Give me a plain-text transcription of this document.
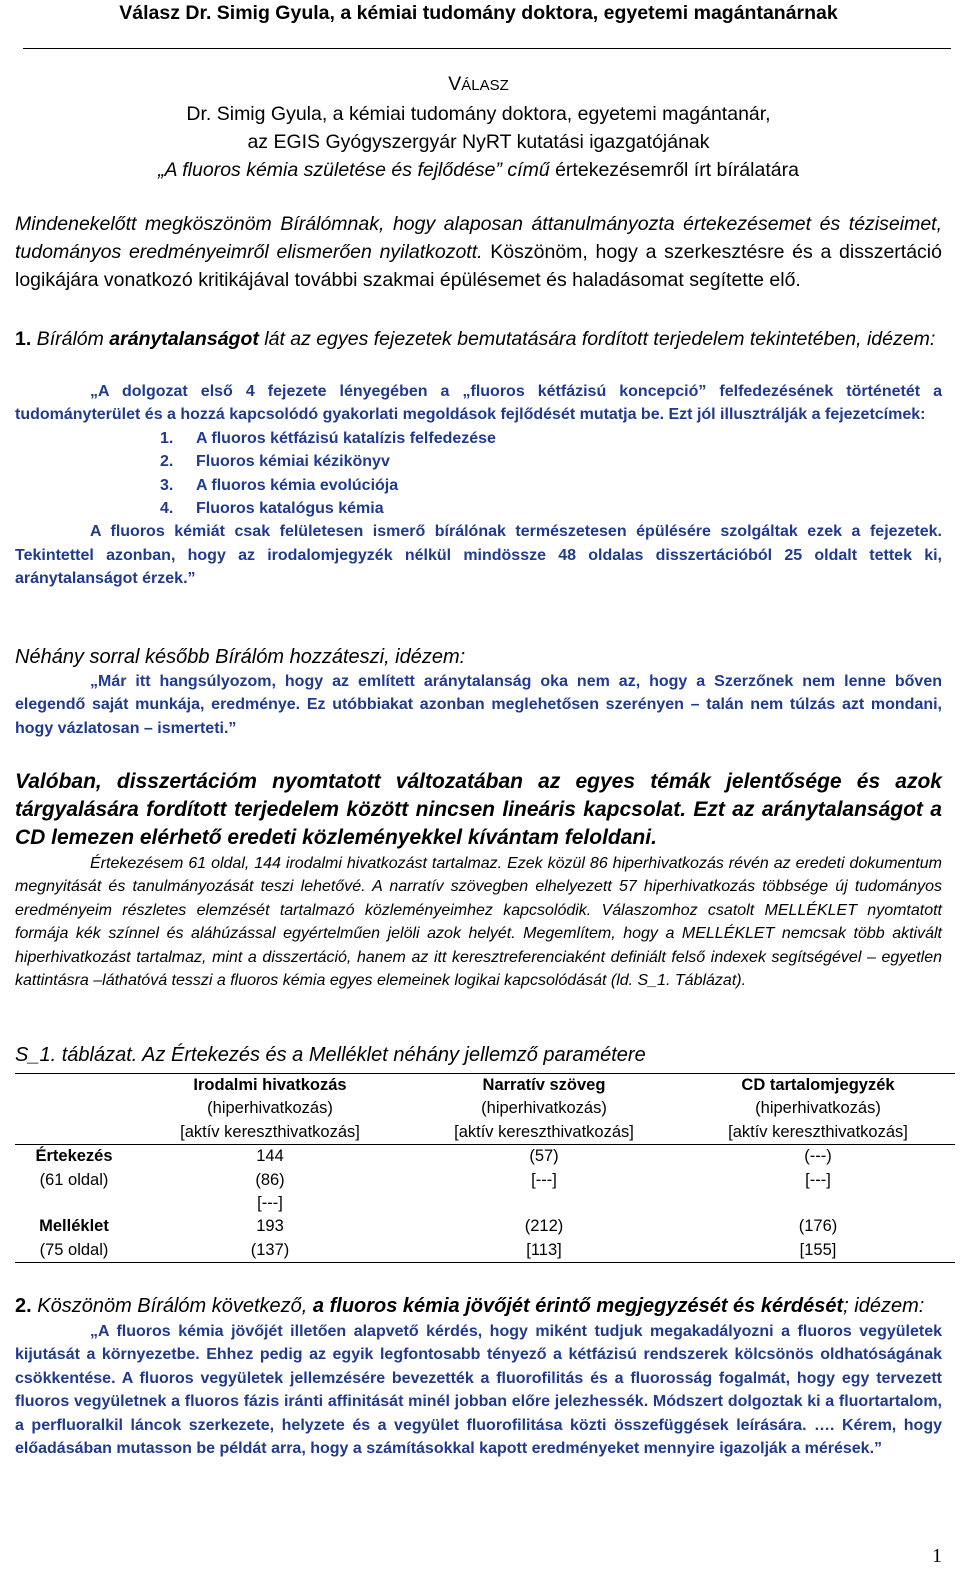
Válasz Dr. Simig Gyula, a kémiai tudomány doktora, egyetemi magántanárnak
VÁLASZ
Dr. Simig Gyula, a kémiai tudomány doktora, egyetemi magántanár,
az EGIS Gyógyszergyár NyRT kutatási igazgatójának
„A fluoros kémia születése és fejlődése” című értekezésemről írt bírálatára
Mindenekelőtt megköszönöm Bírálómnak, hogy alaposan áttanulmányozta értekezésemet és téziseimet, tudományos eredményeimről elismerően nyilatkozott. Köszönöm, hogy a szerkesztésre és a disszertáció logikájára vonatkozó kritikájával további szakmai épülésemet és haladásomat segítette elő.
1. Bírálóm aránytalanságot lát az egyes fejezetek bemutatására fordított terjedelem tekintetében, idézem:
„A dolgozat első 4 fejezete lényegében a „fluoros kétfázisú koncepció” felfedezésének történetét a tudományterület és a hozzá kapcsolódó gyakorlati megoldások fejlődését mutatja be. Ezt jól illusztrálják a fejezetcímek:
1. A fluoros kétfázisú katalízis felfedezése
2. Fluoros kémiai kézikönyv
3. A fluoros kémia evolúciója
4. Fluoros katalógus kémia
A fluoros kémiát csak felületesen ismerő bírálónak természetesen épülésére szolgáltak ezek a fejezetek. Tekintettel azonban, hogy az irodalomjegyzék nélkül mindössze 48 oldalas disszertációból 25 oldalt tettek ki, aránytalanságot érzek.”
Néhány sorral később Bírálóm hozzáteszi, idézem:
„Már itt hangsúlyozom, hogy az említett aránytalanság oka nem az, hogy a Szerzőnek nem lenne bőven elegendő saját munkája, eredménye. Ez utóbbiakat azonban meglehetősen szerényen – talán nem túlzás azt mondani, hogy vázlatosan – ismerteti.”
Valóban, disszertációm nyomtatott változatában az egyes témák jelentősége és azok tárgyalására fordított terjedelem között nincsen lineáris kapcsolat. Ezt az aránytalanságot a CD lemezen elérhető eredeti közleményekkel kívántam feloldani.
Értekezésem 61 oldal, 144 irodalmi hivatkozást tartalmaz. Ezek közül 86 hiperhivatkozás révén az eredeti dokumentum megnyitását és tanulmányozását teszi lehetővé. A narratív szövegben elhelyezett 57 hiperhivatkozás többsége új tudományos eredményeim részletes elemzését tartalmazó közleményeimhez kapcsolódik. Válaszomhoz csatolt MELLÉKLET nyomtatott formája kék színnel és aláhúzással egyértelműen jelöli azok helyét. Megemlítem, hogy a MELLÉKLET nemcsak több aktivált hiperhivatkozást tartalmaz, mint a disszertáció, hanem az itt keresztreferenciaként definiált felső indexek segítségével – egyetlen kattintásra –láthatóvá tesszi a fluoros kémia egyes elemeinek logikai kapcsolódását (ld. S_1. Táblázat).
S_1. táblázat. Az Értekezés és a Melléklet néhány jellemző paramétere
	Irodalmi hivatkozás	Narratív szöveg	CD tartalomjegyzék
	(hiperhivatkozás)	(hiperhivatkozás)	(hiperhivatkozás)
	[aktív kereszthivatkozás]	[aktív kereszthivatkozás]	[aktív kereszthivatkozás]
Értekezés	144	(57)	(---)
(61 oldal)	(86)	[---]	[---]
	[---]		
Melléklet	193	(212)	(176)
(75 oldal)	(137)	[113]	[155]
2. Köszönöm Bírálóm következő, a fluoros kémia jövőjét érintő megjegyzését és kérdését; idézem:
„A fluoros kémia jövőjét illetően alapvető kérdés, hogy miként tudjuk megakadályozni a fluoros vegyületek kijutását a környezetbe. Ehhez pedig az egyik legfontosabb tényező a kétfázisú rendszerek kölcsönös oldhatóságának csökkentése. A fluoros vegyületek jellemzésére bevezették a fluorofilitás és a fluorosság fogalmát, hogy egy tervezett fluoros vegyületnek a fluoros fázis iránti affinitását minél jobban előre jelezhessék. Módszert dolgoztak ki a fluortartalom, a perfluoralkil láncok szerkezete, helyzete és a vegyület fluorofilitása közti összefüggések leírására. …. Kérem, hogy előadásában mutasson be példát arra, hogy a számításokkal kapott eredményeket mennyire igazolják a mérések.”
1
